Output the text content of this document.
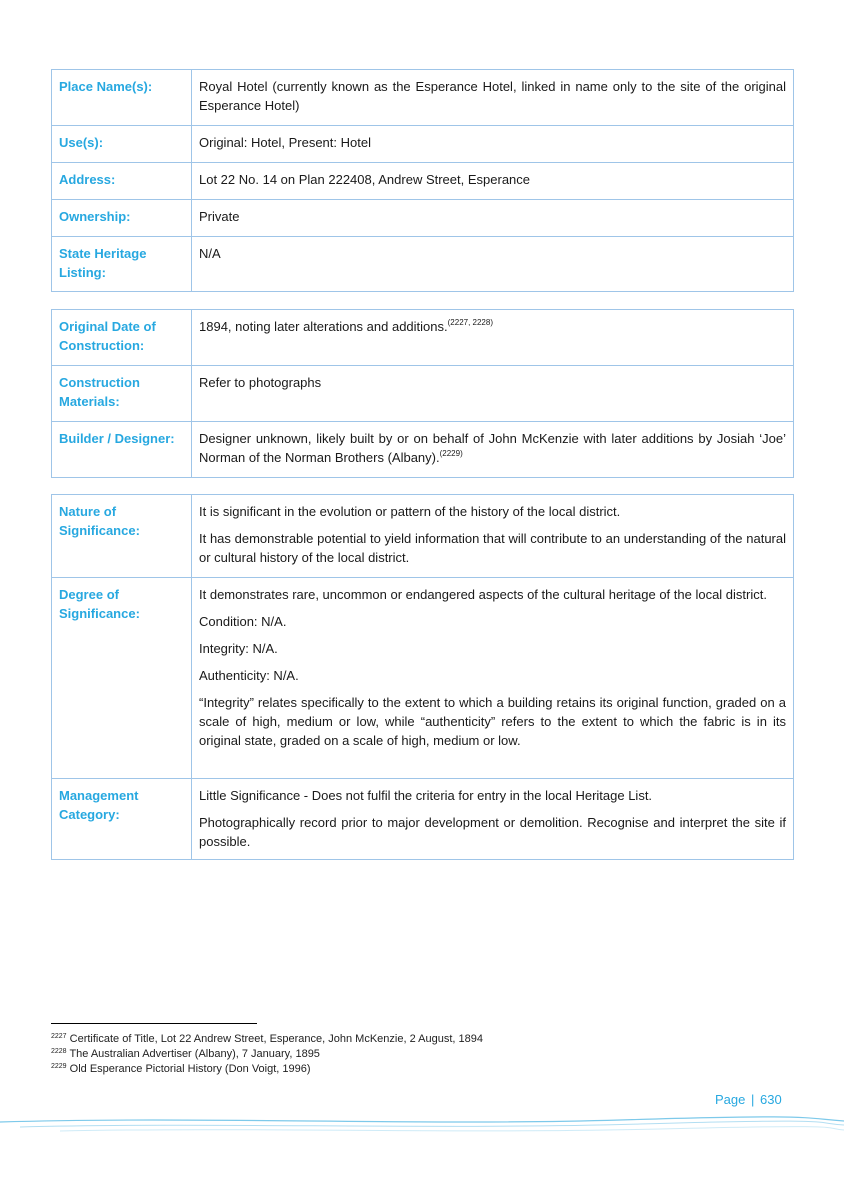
Place Name(s):	Royal Hotel (currently known as the Esperance Hotel, linked in name only to the site of the original Esperance Hotel)
Use(s):	Original: Hotel, Present: Hotel
Address:	Lot 22 No. 14 on Plan 222408, Andrew Street, Esperance
Ownership:	Private
State Heritage Listing:	N/A
Original Date of Construction:	1894, noting later alterations and additions.$^{(2227, 2228)}$
Construction Materials:	Refer to photographs
Builder / Designer:	Designer unknown, likely built by or on behalf of John McKenzie with later additions by Josiah ‘Joe’ Norman of the Norman Brothers (Albany).$^{(2229)}$
Nature of Significance:	It is significant in the evolution or pattern of the history of the local district.

It has demonstrable potential to yield information that will contribute to an understanding of the natural or cultural history of the local district.

Degree of Significance:	It demonstrates rare, uncommon or endangered aspects of the cultural heritage of the local district.

Condition: N/A.

Integrity: N/A.

Authenticity: N/A.

“Integrity” relates specifically to the extent to which a building retains its original function, graded on a scale of high, medium or low, while “authenticity” refers to the extent to which the fabric is in its original state, graded on a scale of high, medium or low.

Management Category:	Little Significance - Does not fulfil the criteria for entry in the local Heritage List.

Photographically record prior to major development or demolition. Recognise and interpret the site if possible.

$^{2227}$ Certificate of Title, Lot 22 Andrew Street, Esperance, John McKenzie, 2 August, 1894
$^{2228}$ The Australian Advertiser (Albany), 7 January, 1895
$^{2229}$ Old Esperance Pictorial History (Don Voigt, 1996)
Page | 630
